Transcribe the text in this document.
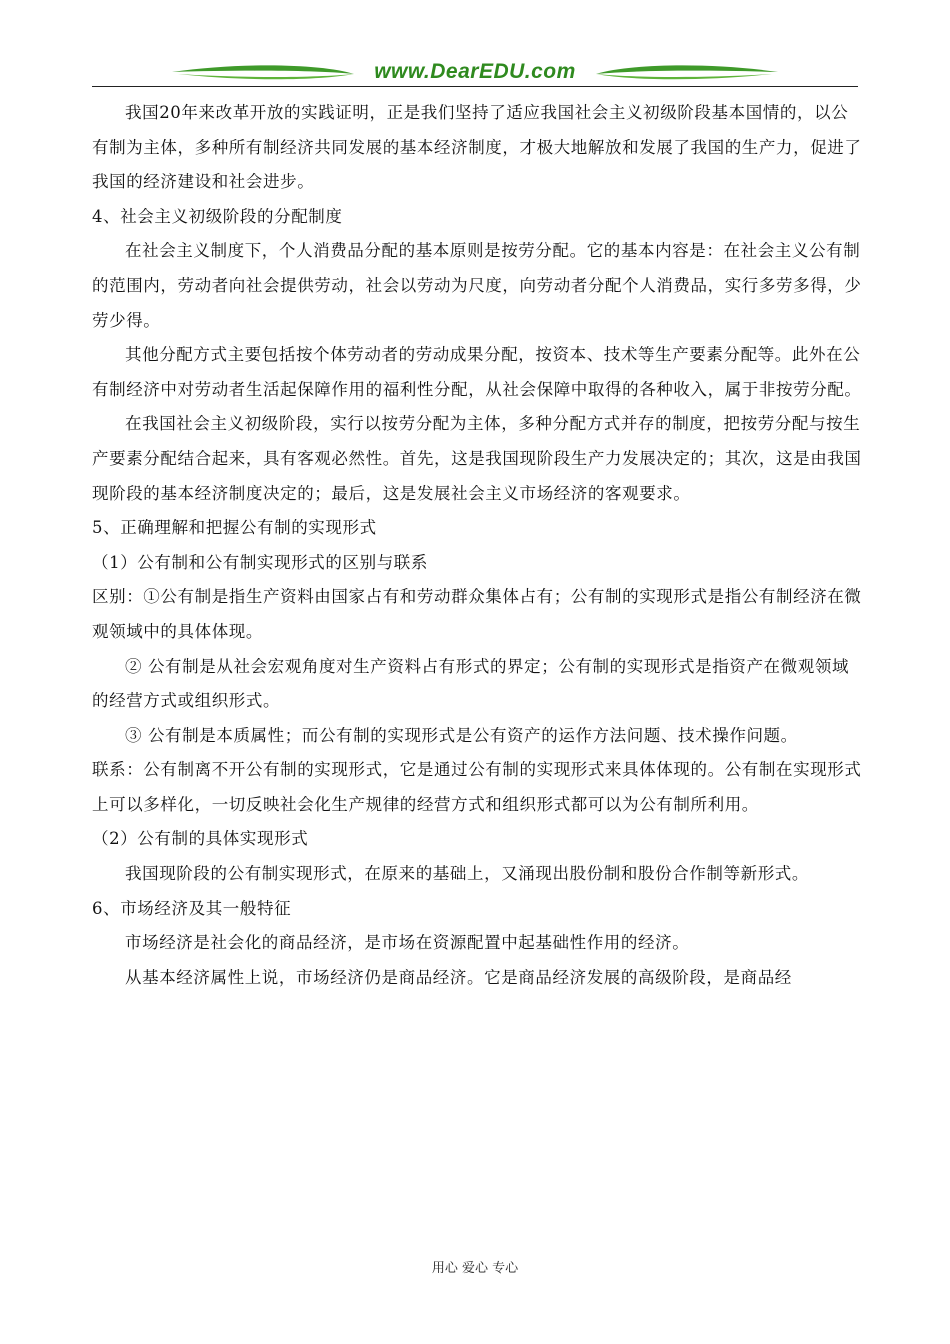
www.DearEDU.com

我国20年来改革开放的实践证明，正是我们坚持了适应我国社会主义初级阶段基本国情的，以公有制为主体，多种所有制经济共同发展的基本经济制度，才极大地解放和发展了我国的生产力，促进了我国的经济建设和社会进步。

4、社会主义初级阶段的分配制度

在社会主义制度下，个人消费品分配的基本原则是按劳分配。它的基本内容是：在社会主义公有制的范围内，劳动者向社会提供劳动，社会以劳动为尺度，向劳动者分配个人消费品，实行多劳多得，少劳少得。

其他分配方式主要包括按个体劳动者的劳动成果分配，按资本、技术等生产要素分配等。此外在公有制经济中对劳动者生活起保障作用的福利性分配，从社会保障中取得的各种收入，属于非按劳分配。

在我国社会主义初级阶段，实行以按劳分配为主体，多种分配方式并存的制度，把按劳分配与按生产要素分配结合起来，具有客观必然性。首先，这是我国现阶段生产力发展决定的；其次，这是由我国现阶段的基本经济制度决定的；最后，这是发展社会主义市场经济的客观要求。

5、正确理解和把握公有制的实现形式

（1）公有制和公有制实现形式的区别与联系

区别：①公有制是指生产资料由国家占有和劳动群众集体占有；公有制的实现形式是指公有制经济在微观领域中的具体体现。

② 公有制是从社会宏观角度对生产资料占有形式的界定；公有制的实现形式是指资产在微观领域的经营方式或组织形式。

③ 公有制是本质属性；而公有制的实现形式是公有资产的运作方法问题、技术操作问题。

联系：公有制离不开公有制的实现形式，它是通过公有制的实现形式来具体体现的。公有制在实现形式上可以多样化，一切反映社会化生产规律的经营方式和组织形式都可以为公有制所利用。

（2）公有制的具体实现形式

我国现阶段的公有制实现形式，在原来的基础上，又涌现出股份制和股份合作制等新形式。

6、市场经济及其一般特征

市场经济是社会化的商品经济，是市场在资源配置中起基础性作用的经济。

从基本经济属性上说，市场经济仍是商品经济。它是商品经济发展的高级阶段，是商品经

用心 爱心 专心
